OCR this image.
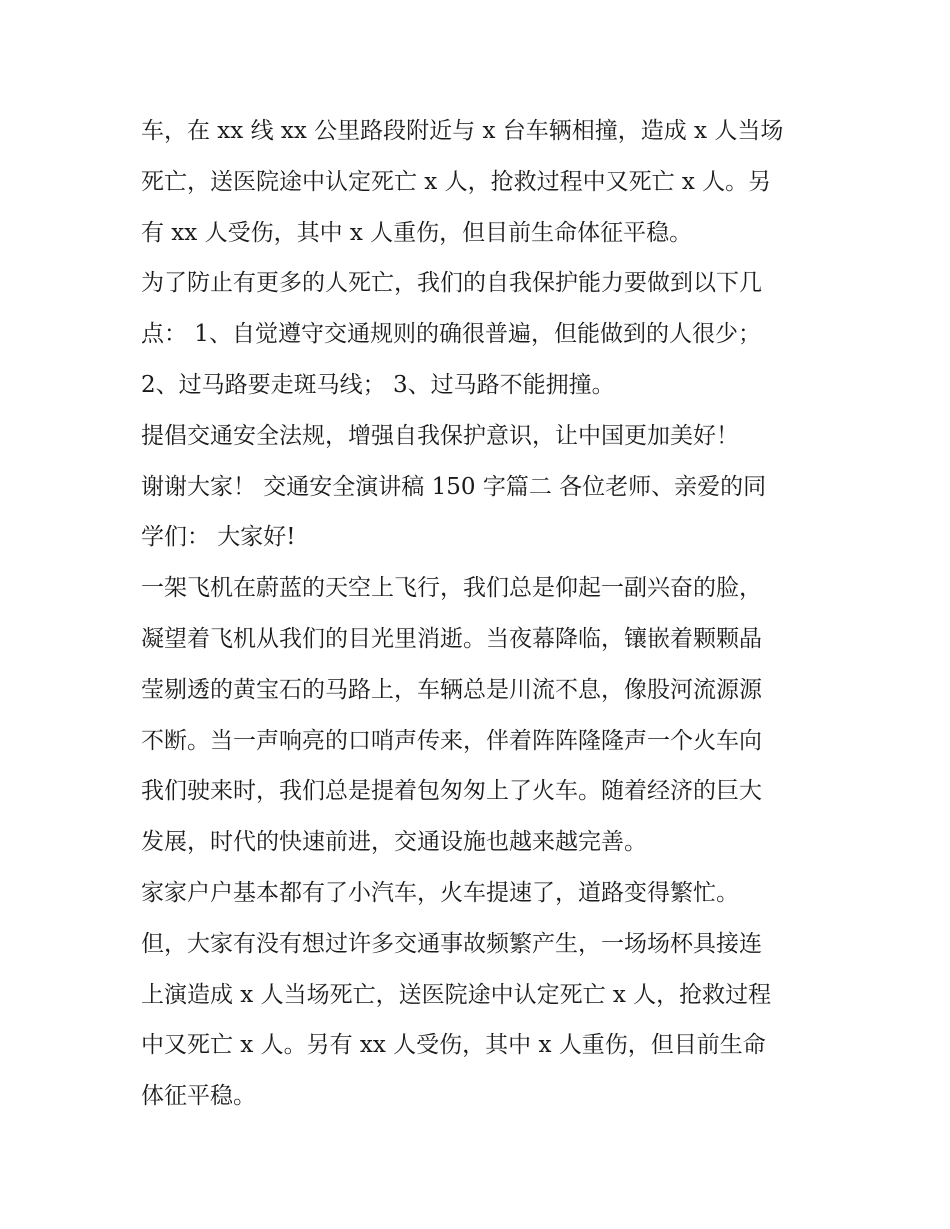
车，在 xx 线 xx 公里路段附近与 x 台车辆相撞，造成 x 人当场
死亡，送医院途中认定死亡 x 人，抢救过程中又死亡 x 人。另
有 xx 人受伤，其中 x 人重伤，但目前生命体征平稳。
为了防止有更多的人死亡，我们的自我保护能力要做到以下几
点： 1、自觉遵守交通规则的确很普遍，但能做到的人很少；
2、过马路要走斑马线； 3、过马路不能拥撞。
提倡交通安全法规，增强自我保护意识，让中国更加美好！
谢谢大家！ 交通安全演讲稿 150 字篇二 各位老师、亲爱的同
学们： 大家好!
一架飞机在蔚蓝的天空上飞行，我们总是仰起一副兴奋的脸，
凝望着飞机从我们的目光里消逝。当夜幕降临，镶嵌着颗颗晶
莹剔透的黄宝石的马路上，车辆总是川流不息，像股河流源源
不断。当一声响亮的口哨声传来，伴着阵阵隆隆声一个火车向
我们驶来时，我们总是提着包匆匆上了火车。随着经济的巨大
发展，时代的快速前进，交通设施也越来越完善。
家家户户基本都有了小汽车，火车提速了，道路变得繁忙。
但，大家有没有想过许多交通事故频繁产生，一场场杯具接连
上演造成 x 人当场死亡，送医院途中认定死亡 x 人，抢救过程
中又死亡 x 人。另有 xx 人受伤，其中 x 人重伤，但目前生命
体征平稳。
